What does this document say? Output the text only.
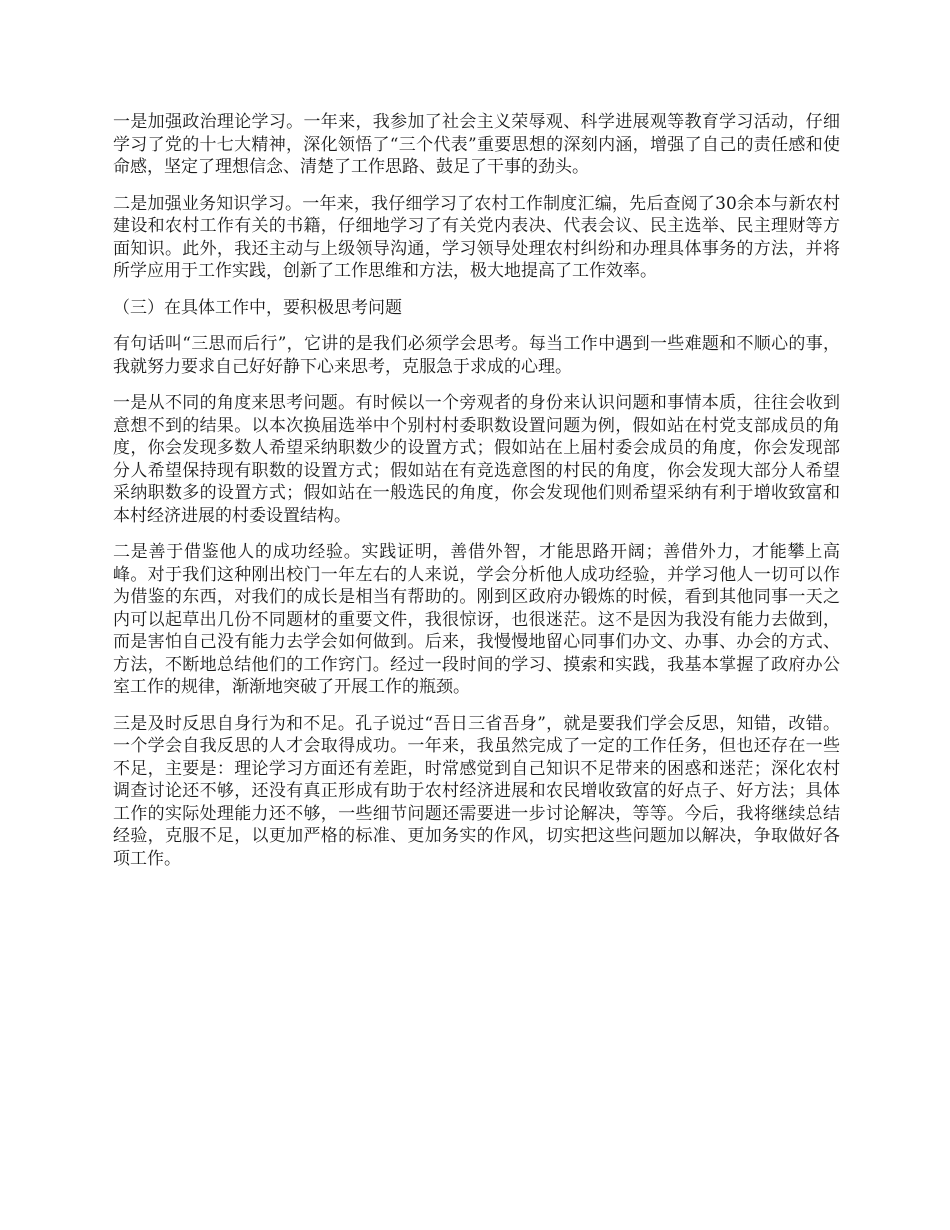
一是加强政治理论学习。一年来，我参加了社会主义荣辱观、科学进展观等教育学习活动，仔细学习了党的十七大精神，深化领悟了“三个代表”重要思想的深刻内涵，增强了自己的责任感和使命感，坚定了理想信念、清楚了工作思路、鼓足了干事的劲头。

二是加强业务知识学习。一年来，我仔细学习了农村工作制度汇编，先后查阅了30余本与新农村建设和农村工作有关的书籍，仔细地学习了有关党内表决、代表会议、民主选举、民主理财等方面知识。此外，我还主动与上级领导沟通，学习领导处理农村纠纷和办理具体事务的方法，并将所学应用于工作实践，创新了工作思维和方法，极大地提高了工作效率。

（三）在具体工作中，要积极思考问题

有句话叫“三思而后行”，它讲的是我们必须学会思考。每当工作中遇到一些难题和不顺心的事，我就努力要求自己好好静下心来思考，克服急于求成的心理。

一是从不同的角度来思考问题。有时候以一个旁观者的身份来认识问题和事情本质，往往会收到意想不到的结果。以本次换届选举中个别村村委职数设置问题为例，假如站在村党支部成员的角度，你会发现多数人希望采纳职数少的设置方式；假如站在上届村委会成员的角度，你会发现部分人希望保持现有职数的设置方式；假如站在有竞选意图的村民的角度，你会发现大部分人希望采纳职数多的设置方式；假如站在一般选民的角度，你会发现他们则希望采纳有利于增收致富和本村经济进展的村委设置结构。

二是善于借鉴他人的成功经验。实践证明，善借外智，才能思路开阔；善借外力，才能攀上高峰。对于我们这种刚出校门一年左右的人来说，学会分析他人成功经验，并学习他人一切可以作为借鉴的东西，对我们的成长是相当有帮助的。刚到区政府办锻炼的时候，看到其他同事一天之内可以起草出几份不同题材的重要文件，我很惊讶，也很迷茫。这不是因为我没有能力去做到，而是害怕自己没有能力去学会如何做到。后来，我慢慢地留心同事们办文、办事、办会的方式、方法，不断地总结他们的工作窍门。经过一段时间的学习、摸索和实践，我基本掌握了政府办公室工作的规律，渐渐地突破了开展工作的瓶颈。

三是及时反思自身行为和不足。孔子说过“吾日三省吾身”，就是要我们学会反思，知错，改错。一个学会自我反思的人才会取得成功。一年来，我虽然完成了一定的工作任务，但也还存在一些不足，主要是：理论学习方面还有差距，时常感觉到自己知识不足带来的困惑和迷茫；深化农村调查讨论还不够，还没有真正形成有助于农村经济进展和农民增收致富的好点子、好方法；具体工作的实际处理能力还不够，一些细节问题还需要进一步讨论解决，等等。今后，我将继续总结经验，克服不足，以更加严格的标准、更加务实的作风，切实把这些问题加以解决，争取做好各项工作。
